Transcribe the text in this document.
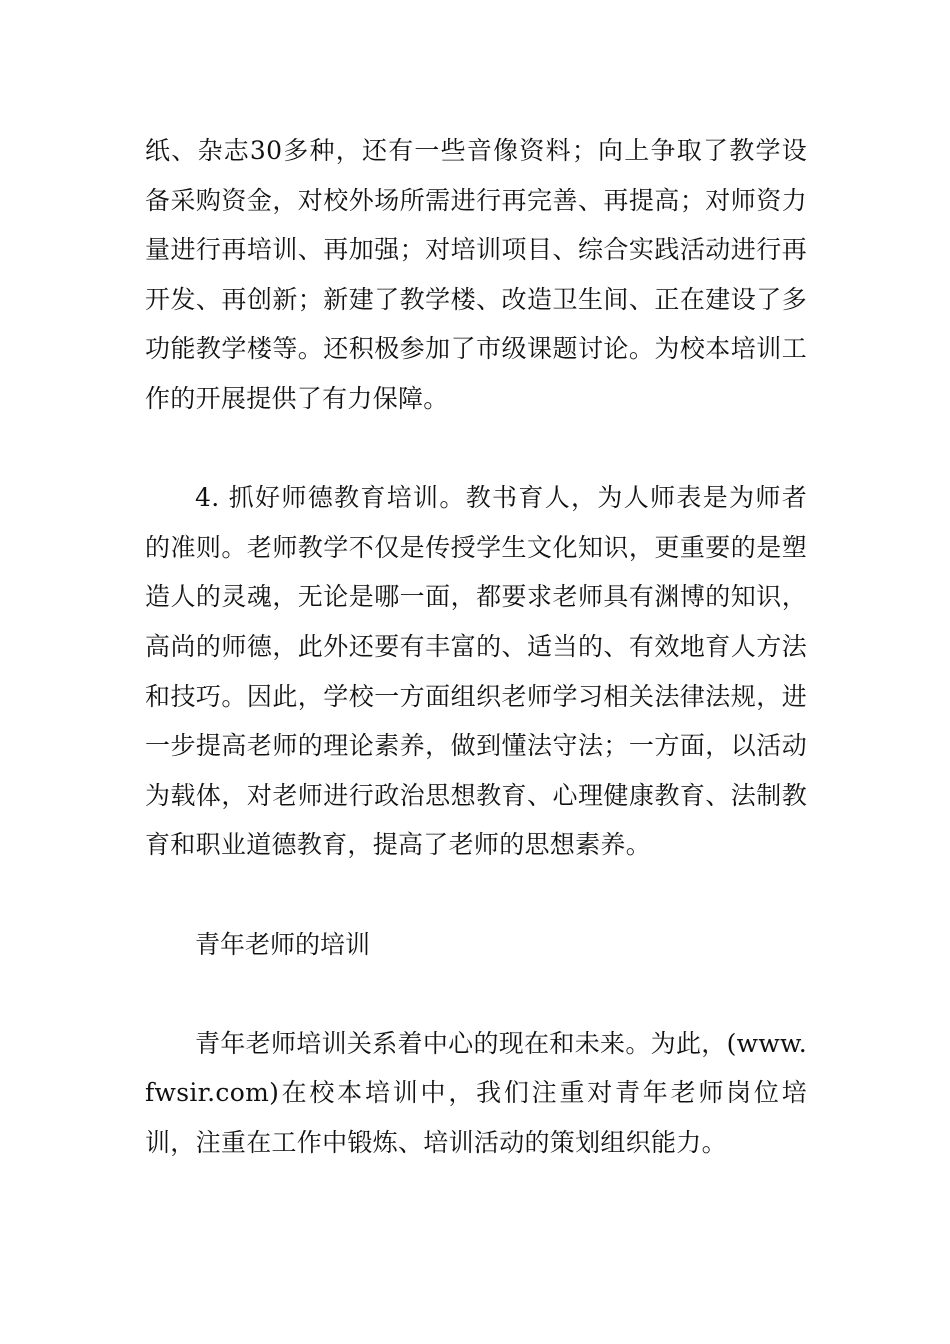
纸、杂志30多种，还有一些音像资料；向上争取了教学设备采购资金，对校外场所需进行再完善、再提高；对师资力量进行再培训、再加强；对培训项目、综合实践活动进行再开发、再创新；新建了教学楼、改造卫生间、正在建设了多功能教学楼等。还积极参加了市级课题讨论。为校本培训工作的开展提供了有力保障。

4. 抓好师德教育培训。教书育人，为人师表是为师者的准则。老师教学不仅是传授学生文化知识，更重要的是塑造人的灵魂，无论是哪一面，都要求老师具有渊博的知识，高尚的师德，此外还要有丰富的、适当的、有效地育人方法和技巧。因此，学校一方面组织老师学习相关法律法规，进一步提高老师的理论素养，做到懂法守法；一方面，以活动为载体，对老师进行政治思想教育、心理健康教育、法制教育和职业道德教育，提高了老师的思想素养。

青年老师的培训

青年老师培训关系着中心的现在和未来。为此，(www.fwsir.com)在校本培训中，我们注重对青年老师岗位培训，注重在工作中锻炼、培训活动的策划组织能力。
